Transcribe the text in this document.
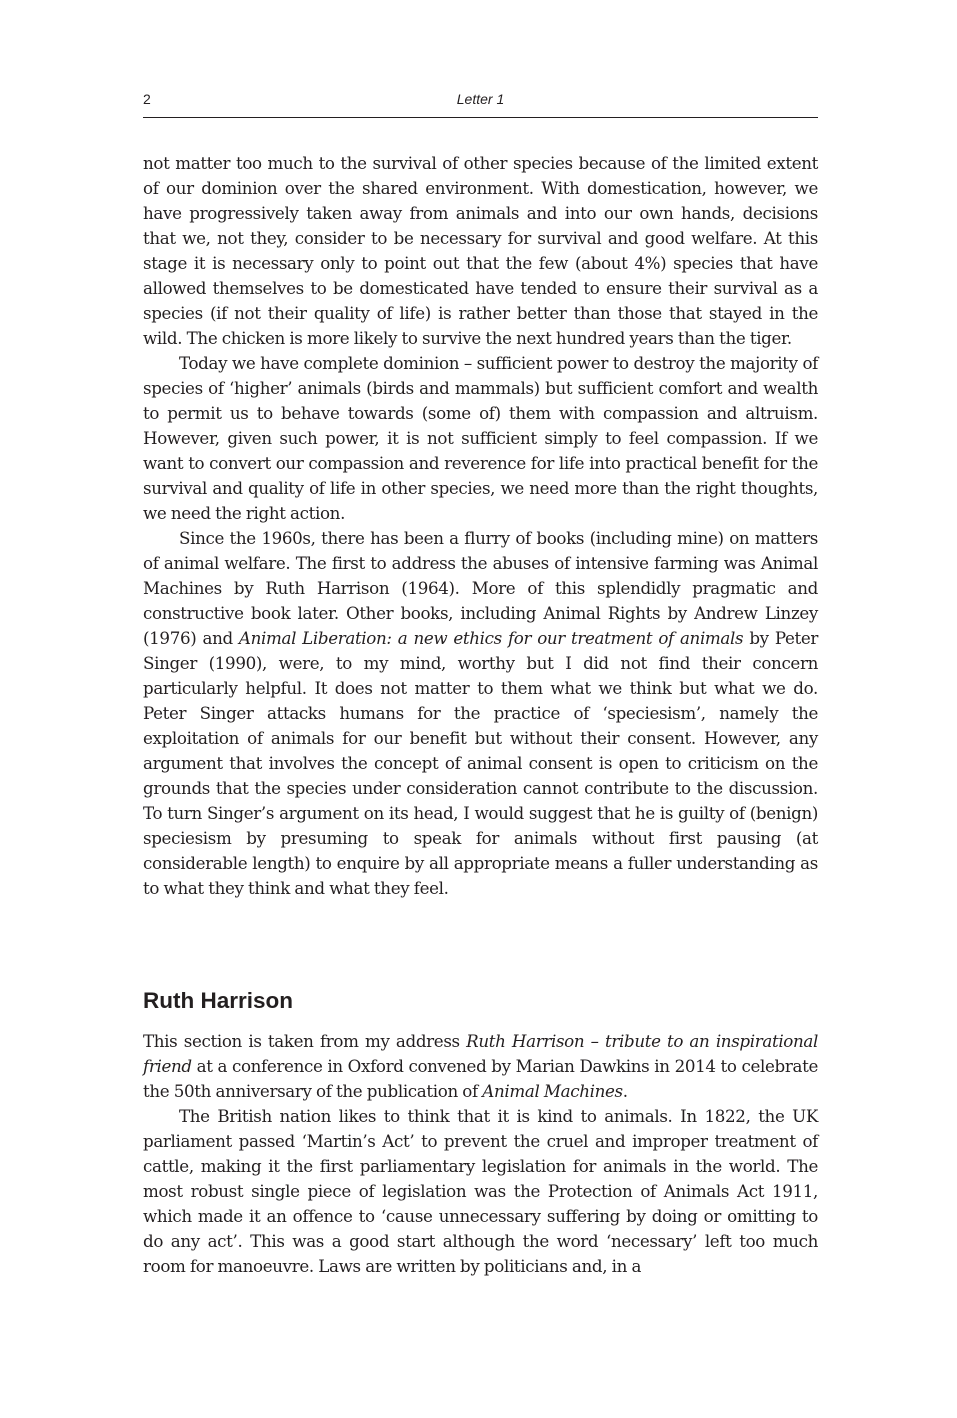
2	Letter 1

not matter too much to the survival of other species because of the limited extent of our dominion over the shared environment. With domestication, however, we have progressively taken away from animals and into our own hands, decisions that we, not they, consider to be necessary for survival and good welfare. At this stage it is necessary only to point out that the few (about 4%) species that have allowed themselves to be domesticated have tended to ensure their survival as a species (if not their quality of life) is rather better than those that stayed in the wild. The chicken is more likely to survive the next hundred years than the tiger.

Today we have complete dominion – sufficient power to destroy the majority of species of ‘higher’ animals (birds and mammals) but sufficient comfort and wealth to permit us to behave towards (some of) them with compassion and altruism. However, given such power, it is not sufficient simply to feel compassion. If we want to convert our compassion and reverence for life into practical benefit for the survival and quality of life in other species, we need more than the right thoughts, we need the right action.

Since the 1960s, there has been a flurry of books (including mine) on matters of animal welfare. The first to address the abuses of intensive farming was Animal Machines by Ruth Harrison (1964). More of this splendidly pragmatic and constructive book later. Other books, including Animal Rights by Andrew Linzey (1976) and Animal Liberation: a new ethics for our treatment of animals by Peter Singer (1990), were, to my mind, worthy but I did not find their concern particularly helpful. It does not matter to them what we think but what we do. Peter Singer attacks humans for the practice of ‘speciesism’, namely the exploitation of animals for our benefit but without their consent. However, any argument that involves the concept of animal consent is open to criticism on the grounds that the species under consideration cannot contribute to the discussion. To turn Singer’s argument on its head, I would suggest that he is guilty of (benign) speciesism by presuming to speak for animals without first pausing (at considerable length) to enquire by all appropriate means a fuller understanding as to what they think and what they feel.

Ruth Harrison

This section is taken from my address Ruth Harrison – tribute to an inspirational friend at a conference in Oxford convened by Marian Dawkins in 2014 to celebrate the 50th anniversary of the publication of Animal Machines.

The British nation likes to think that it is kind to animals. In 1822, the UK parliament passed ‘Martin’s Act’ to prevent the cruel and improper treatment of cattle, making it the first parliamentary legislation for animals in the world. The most robust single piece of legislation was the Protection of Animals Act 1911, which made it an offence to ‘cause unnecessary suffering by doing or omitting to do any act’. This was a good start although the word ‘necessary’ left too much room for manoeuvre. Laws are written by politicians and, in a
